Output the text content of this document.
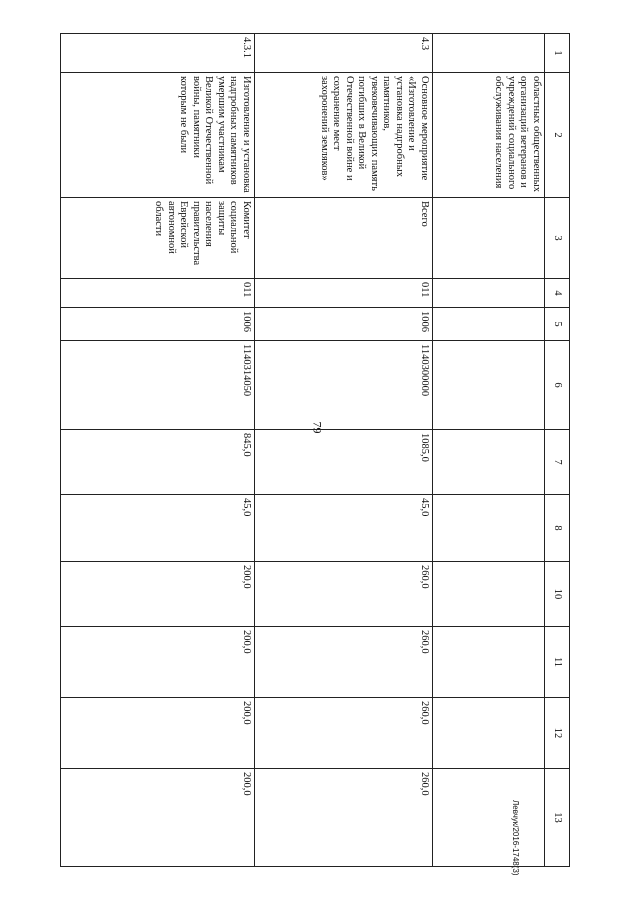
79
Левчук/2016-1748(3)
1	2	3	4	5	6	7	8	10	11	12	13
	областных общественных организаций ветеранов и учреждений социального обслуживания населения										
4.3	Основное мероприятие «Изготовление и установка надгробных памятников, увековечивающих память погибших в Великой Отечественной войне и сохранение мест захоронений земляков»	Всего	011	1006	1140300000	1085,0	45,0	260,0	260,0	260,0	260,0
4.3.1	Изготовление и установка надгробных памятников умершим участникам Великой Отечественной войны, памятники которым не были	Комитет социальной защиты населения правительства Еврейской автономной области	011	1006	1140314050	845,0	45,0	200,0	200,0	200,0	200,0
